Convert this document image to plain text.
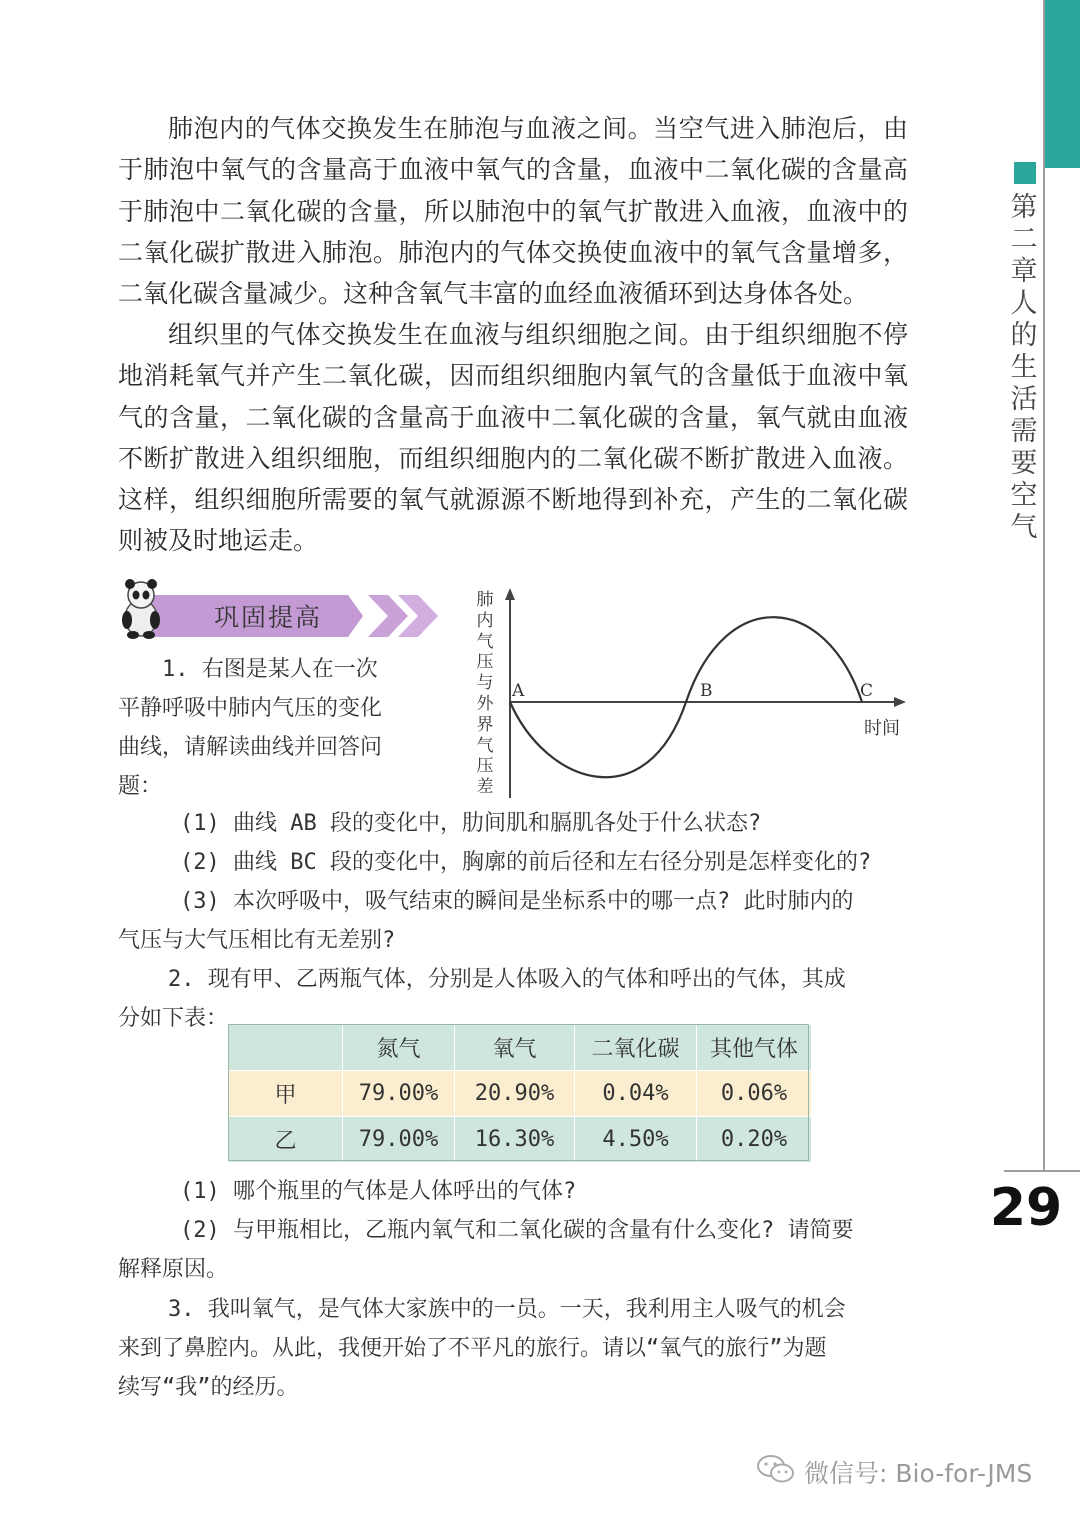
第二章人的生活需要空气
29
肺泡内的气体交换发生在肺泡与血液之间。当空气进入肺泡后，由于肺泡中氧气的含量高于血液中氧气的含量，血液中二氧化碳的含量高于肺泡中二氧化碳的含量，所以肺泡中的氧气扩散进入血液，血液中的二氧化碳扩散进入肺泡。肺泡内的气体交换使血液中的氧气含量增多，二氧化碳含量减少。这种含氧气丰富的血经血液循环到达身体各处。
组织里的气体交换发生在血液与组织细胞之间。由于组织细胞不停地消耗氧气并产生二氧化碳，因而组织细胞内氧气的含量低于血液中氧气的含量，二氧化碳的含量高于血液中二氧化碳的含量，氧气就由血液不断扩散进入组织细胞，而组织细胞内的二氧化碳不断扩散进入血液。这样，组织细胞所需要的氧气就源源不断地得到补充，产生的二氧化碳则被及时地运走。
巩固提高
1. 右图是某人在一次
平静呼吸中肺内气压的变化
曲线，请解读曲线并回答问
题：
肺内气压与外界气压差
A	B	C
时间
(1) 曲线 AB 段的变化中，肋间肌和膈肌各处于什么状态?
(2) 曲线 BC 段的变化中，胸廓的前后径和左右径分别是怎样变化的?
(3) 本次呼吸中，吸气结束的瞬间是坐标系中的哪一点? 此时肺内的
气压与大气压相比有无差别?
2. 现有甲、乙两瓶气体，分别是人体吸入的气体和呼出的气体，其成
分如下表：
	氮气	氧气	二氧化碳	其他气体
甲	79.00%	20.90%	0.04%	0.06%
乙	79.00%	16.30%	4.50%	0.20%
(1) 哪个瓶里的气体是人体呼出的气体?
(2) 与甲瓶相比，乙瓶内氧气和二氧化碳的含量有什么变化? 请简要
解释原因。
3. 我叫氧气，是气体大家族中的一员。一天，我利用主人吸气的机会
来到了鼻腔内。从此，我便开始了不平凡的旅行。请以“氧气的旅行”为题
续写“我”的经历。
微信号: Bio-for-JMS
